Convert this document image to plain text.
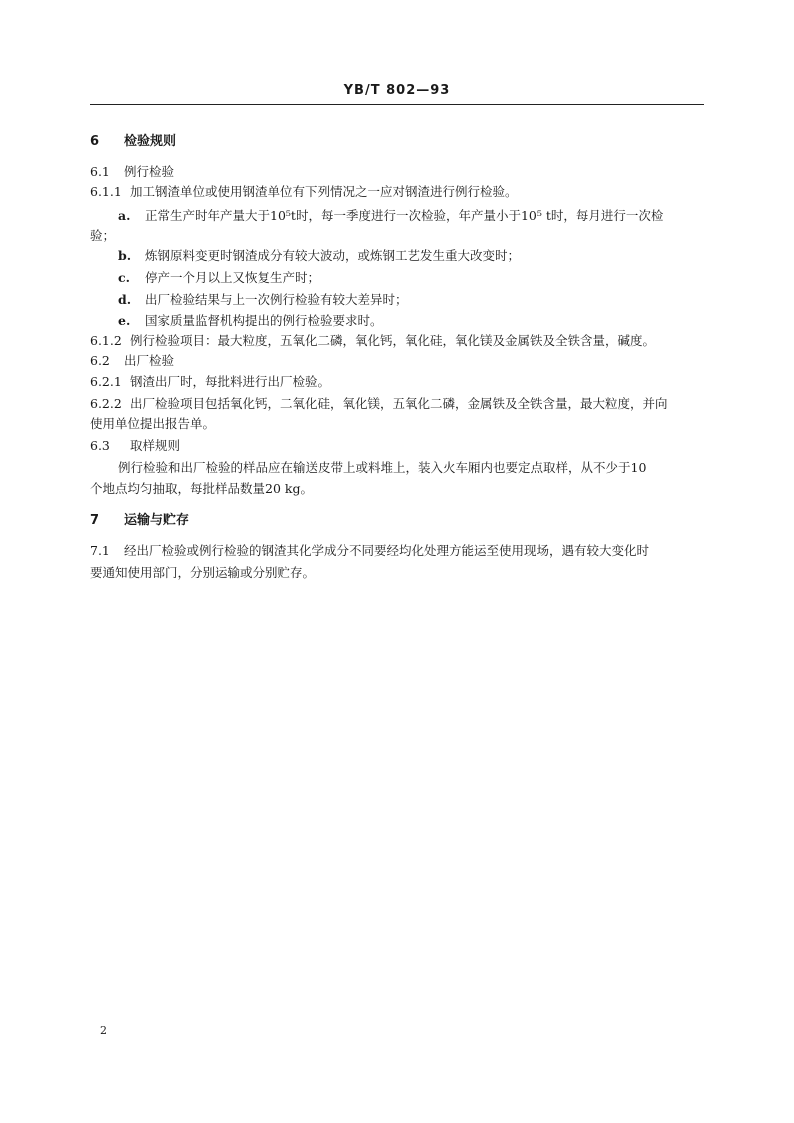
YB/T 802—93
6 检验规则
6.1 例行检验
6.1.1 加工钢渣单位或使用钢渣单位有下列情况之一应对钢渣进行例行检验。
a. 正常生产时年产量大于10⁵t时，每一季度进行一次检验，年产量小于10⁵ t时，每月进行一次检
验；
b. 炼钢原料变更时钢渣成分有较大波动，或炼钢工艺发生重大改变时；
c. 停产一个月以上又恢复生产时；
d. 出厂检验结果与上一次例行检验有较大差异时；
e. 国家质量监督机构提出的例行检验要求时。
6.1.2 例行检验项目：最大粒度，五氧化二磷，氧化钙，氧化硅，氧化镁及金属铁及全铁含量，碱度。
6.2 出厂检验
6.2.1 钢渣出厂时，每批料进行出厂检验。
6.2.2 出厂检验项目包括氧化钙，二氧化硅，氧化镁，五氧化二磷，金属铁及全铁含量，最大粒度，并向
使用单位提出报告单。
6.3 取样规则
例行检验和出厂检验的样品应在输送皮带上或料堆上，装入火车厢内也要定点取样，从不少于10
个地点均匀抽取，每批样品数量20 kg。
7 运输与贮存
7.1 经出厂检验或例行检验的钢渣其化学成分不同要经均化处理方能运至使用现场，遇有较大变化时
要通知使用部门，分别运输或分别贮存。
2
